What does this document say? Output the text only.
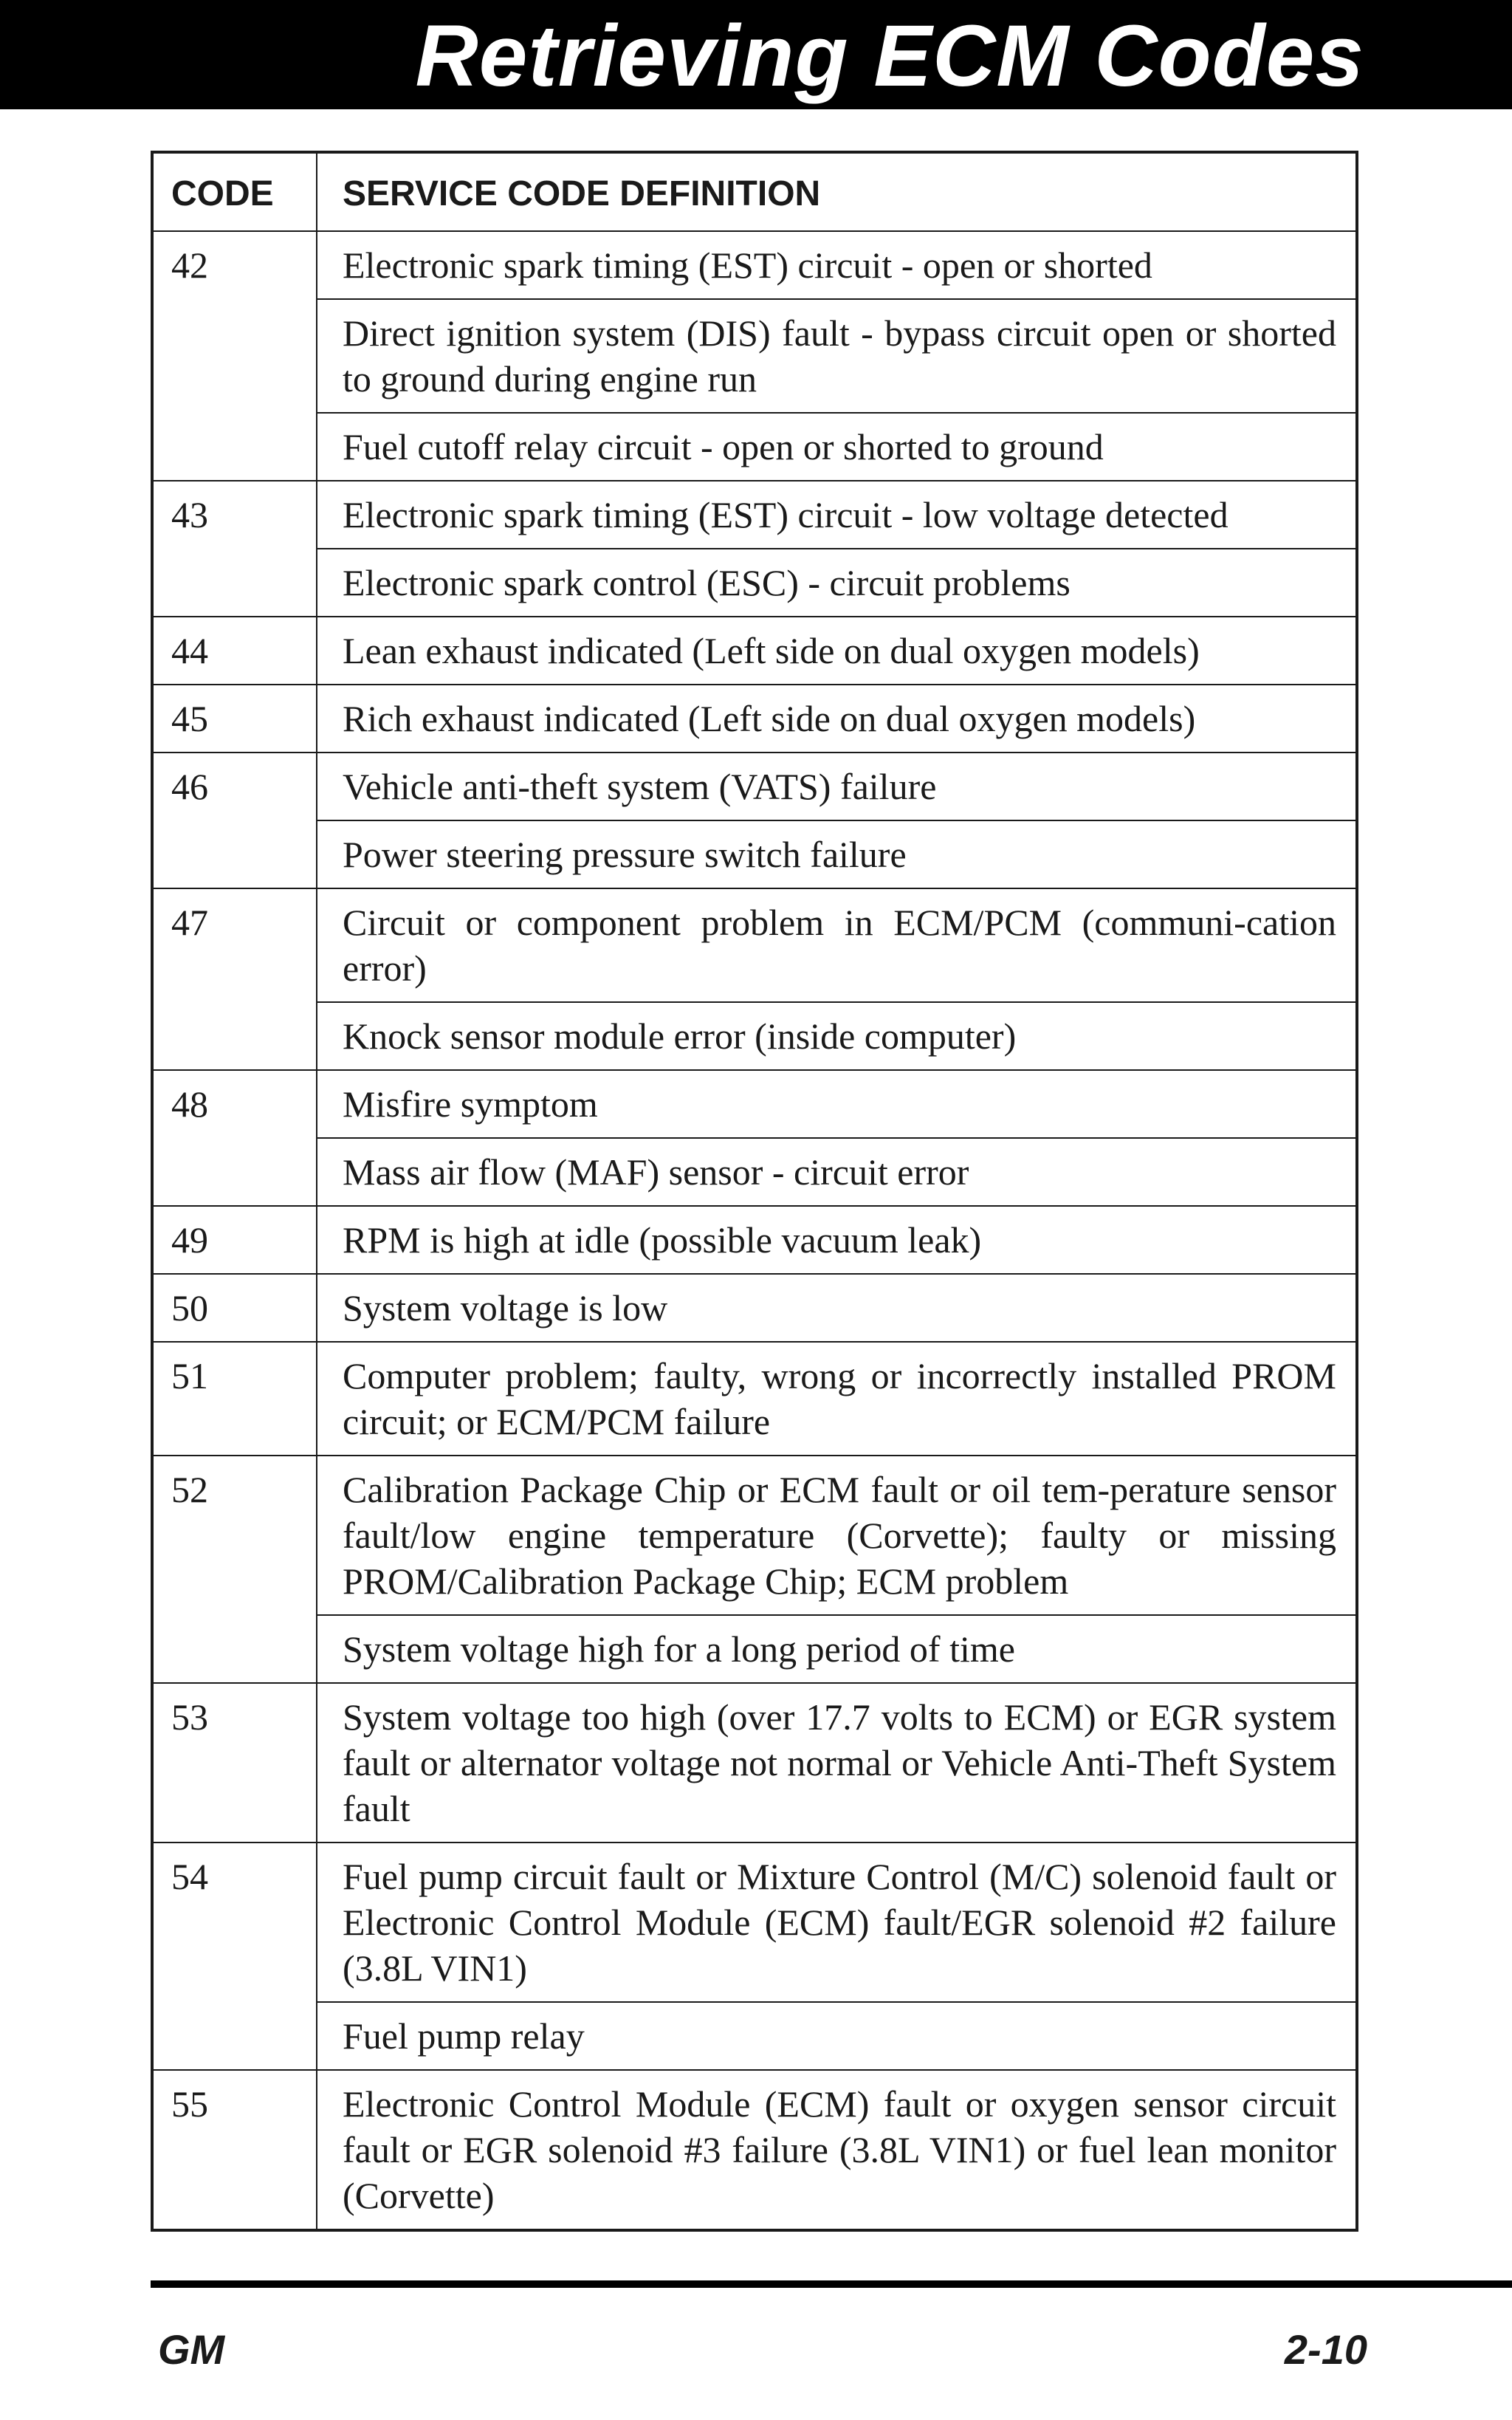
Retrieving ECM Codes
CODE	SERVICE CODE DEFINITION
42	Electronic spark timing (EST) circuit - open or shorted
	Direct ignition system (DIS) fault - bypass circuit open or shorted to ground during engine run
	Fuel cutoff relay circuit - open or shorted to ground
43	Electronic spark timing (EST) circuit - low voltage detected
	Electronic spark control (ESC) - circuit problems
44	Lean exhaust indicated (Left side on dual oxygen models)
45	Rich exhaust indicated (Left side on dual oxygen models)
46	Vehicle anti-theft system (VATS) failure
	Power steering pressure switch failure
47	Circuit or component problem in ECM/PCM (communi-cation error)
	Knock sensor module error (inside computer)
48	Misfire symptom
	Mass air flow (MAF) sensor - circuit error
49	RPM is high at idle (possible vacuum leak)
50	System voltage is low
51	Computer problem; faulty, wrong or incorrectly installed PROM circuit; or ECM/PCM failure
52	Calibration Package Chip or ECM fault or oil tem-perature sensor fault/low engine temperature (Corvette); faulty or missing PROM/Calibration Package Chip; ECM problem
	System voltage high for a long period of time
53	System voltage too high (over 17.7 volts to ECM) or EGR system fault or alternator voltage not normal or Vehicle Anti-Theft System fault
54	Fuel pump circuit fault or Mixture Control (M/C) solenoid fault or Electronic Control Module (ECM) fault/EGR solenoid #2 failure (3.8L VIN1)
	Fuel pump relay
55	Electronic Control Module (ECM) fault or oxygen sensor circuit fault or EGR solenoid #3 failure (3.8L VIN1) or fuel lean monitor (Corvette)
GM	2-10
